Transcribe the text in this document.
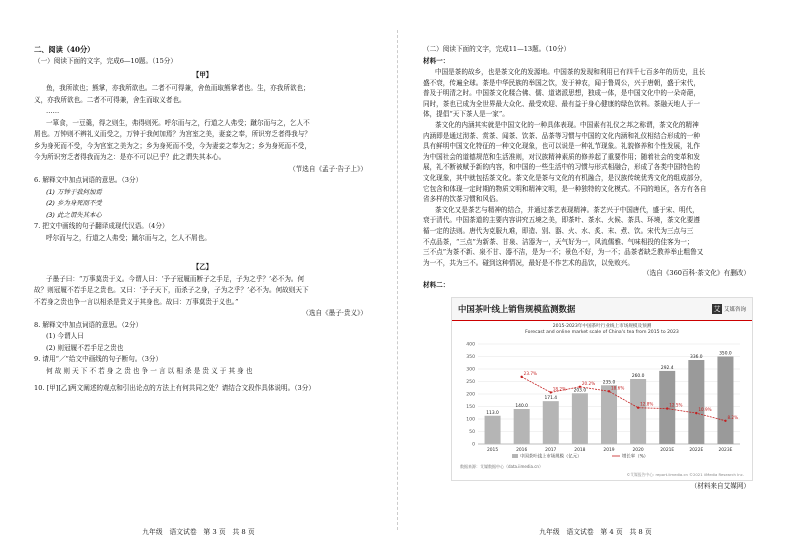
二、阅读（40分）
（一）阅读下面的文字，完成6—10题。（15分）
【甲】
鱼，我所欲也；熊掌，亦我所欲也。二者不可得兼，舍鱼而取熊掌者也。生，亦我所欲也；
义，亦我所欲也。二者不可得兼，舍生而取义者也。
……
一箪食，一豆羹，得之则生，弗得则死。呼尔而与之，行道之人弗受；蹴尔而与之，乞人不
屑也。万钟则不辨礼义而受之，万钟于我何加焉？为宫室之美，妻妾之奉，所识穷乏者得我与？
乡为身死而不受，今为宫室之美为之；乡为身死而不受，今为妻妾之奉为之；乡为身死而不受，
今为所识穷乏者得我而为之：是亦不可以已乎？此之谓失其本心。
（节选自《孟子·告子上》）
6. 解释文中加点词语的意思。（3分）
(1) 万钟于我何加焉
(2) 乡为身死而不受
(3) 此之谓失其本心
7. 把文中画线的句子翻译成现代汉语。（4分）
呼尔而与之，行道之人弗受；蹴尔而与之，乞人不屑也。
【乙】
子墨子曰：“万事莫贵于义。今谓人曰：‘予子冠履而断子之手足，子为之乎？’必不为。何
故？则冠履不若手足之贵也。又曰：‘予子天下，而杀子之身，子为之乎？’必不为。何故则天下
不若身之贵也争一言以相杀是贵义于其身也。故曰：万事莫贵于义也。”
（选自《墨子·贵义》）
8. 解释文中加点词语的意思。（2分）
(1) 今谓人曰
(2) 则冠履不若手足之贵也
9. 请用“／”给文中画线的句子断句。（3分）
何 故 则 天 下 不 若 身 之 贵 也 争 一 言 以 相 杀 是 贵 义 于 其 身 也
10. [甲][乙]两文阐述的观点和引出论点的方法上有何共同之处？请结合文段作具体说明。（3分）
九年级　语文试卷　第 3 页　共 8 页
（二）阅读下面的文字，完成11—13题。（10分）
材料一：
中国是茶的故乡，也是茶文化的发源地。中国茶的发现和利用已有四千七百多年的历史，且长
盛不衰，传遍全球。茶是中华民族的举国之饮，发于神农，闻于鲁周公，兴于唐朝，盛于宋代，
普及于明清之时。中国茶文化糅合佛、儒、道诸派思想，独成一体，是中国文化中的一朵奇葩，
同时，茶也已成为全世界最大众化、最受欢迎、最有益于身心健康的绿色饮料。茶融天地人于一
体，提倡“天下茶人是一家”。
茶文化的内涵其实就是中国文化的一种具体表现。中国素有礼仪之邦之称谓，茶文化的精神
内涵即是通过沏茶、赏茶、闻茶、饮茶、品茶等习惯与中国的文化内涵和礼仪相结合形成的一种
具有鲜明中国文化特征的一种文化现象，也可以说是一种礼节现象。礼貌修养和个性发展，礼作
为中国社会的道德规范和生活准则，对汉族精神素质的修养起了重要作用；随着社会的变革和发
展，礼不断被赋予新的内容，和中国的一些生活中的习惯与形式相融合，形成了各类中国特色的
文化现象，其中就包括茶文化。茶文化是茶与文化的有机融合，是汉族传统优秀文化的组成部分，
它包含和体现一定时期的物质文明和精神文明，是一种独特的文化模式。不同的地区，各方有各自
省多样的饮茶习惯和风俗。
茶文化又是茶艺与精神的结合，并通过茶艺表现精神。茶艺兴于中国唐代，盛于宋、明代，
衰于清代。中国茶道的主要内容讲究五境之美，即茶叶、茶水、火候、茶具、环境，茶文化要遵
循一定的法则。唐代为克服九难，即造、别、器、火、水、炙、末、煮、饮。宋代为三点与三
不点品茶，“三点”为新茶、甘泉、洁器为一，天气好为一，风流儒雅、气味相投的佳客为一；
三不点”为茶不新、泉不甘、器不洁，是为一不；景色不好，为一不；品茶者缺乏教养举止粗鲁又
为一不，共为三不。碰到这种情况，最好是不作艺术的品饮，以免败兴。
（选自《360百科·茶文化》有删改）
材料二：
中国茶叶线上销售规模监测数据	艾 艾媒咨询
2015-2023年中国茶叶行业线上市场规模及预测
Forecast and online market scale of China's tea from 2015 to 2023
0
50
100
150
200
250
300
350
400
113.0
2015
140.0
2016
171.4
2017
203.0
2018
235.0
2019
260.0
2020
292.4
2021E
336.0
2022E
350.0
2023E
23.7%
18.2%
20.2%
18.6%
12.8%	12.5%
10.9%
8.2%
中国茶叶线上市场规模（亿元）	增长率（%）
数据来源：艾媒数据中心（data.iimedia.cn）
©艾媒报告中心: report.iimedia.cn ©2021 iiMedia Research Inc.
（材料来自艾媒网）
九年级　语文试卷　第 4 页　共 8 页
